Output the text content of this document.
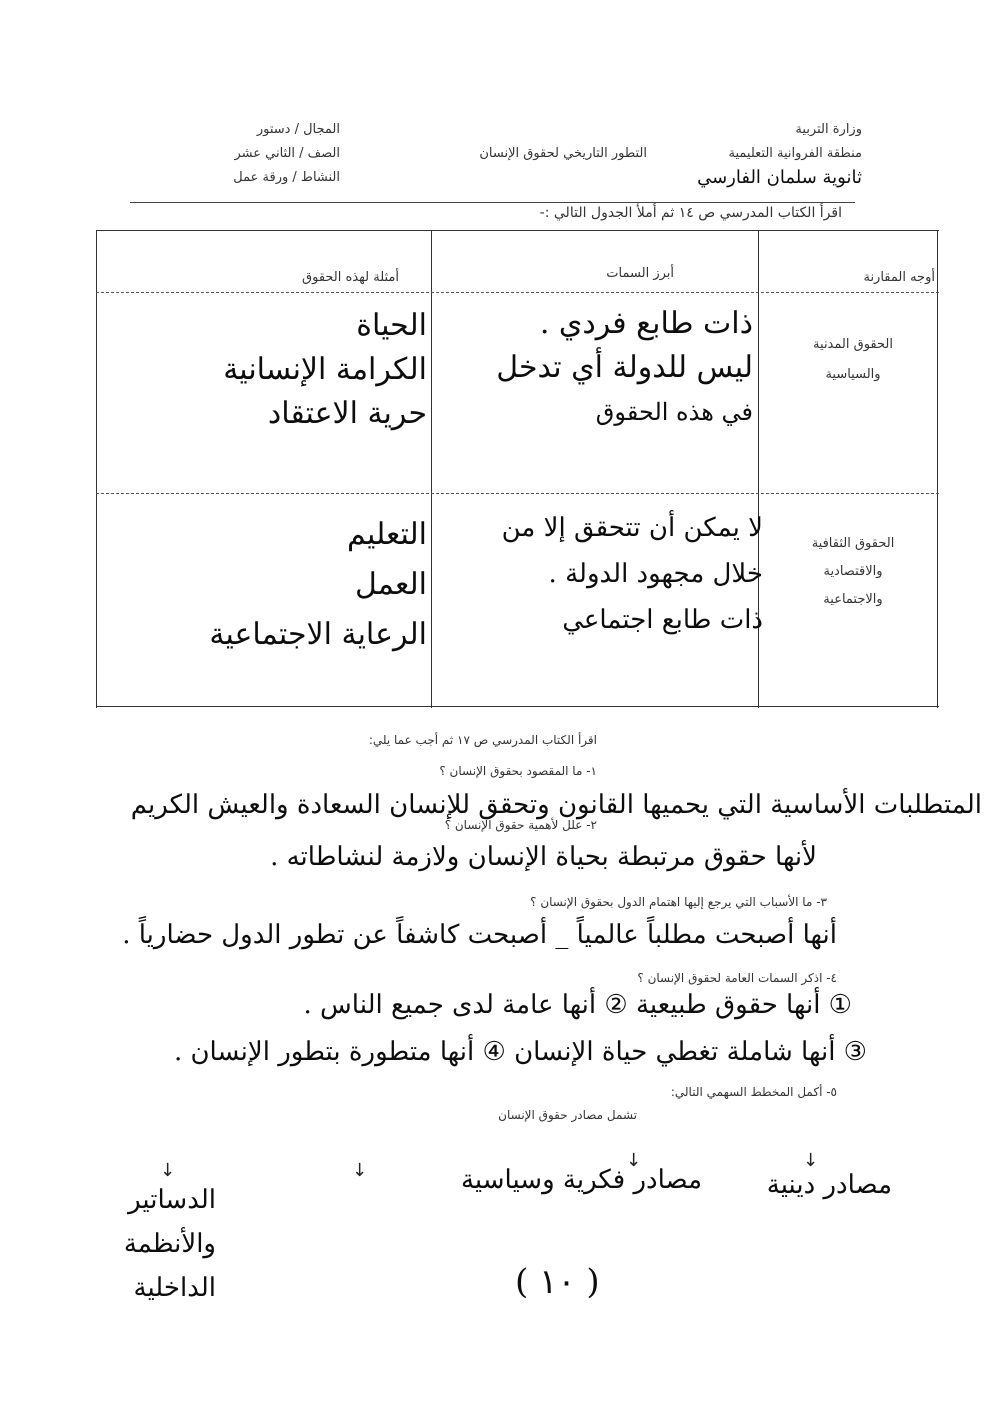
وزارة التربية
منطقة الفروانية التعليمية
ثانوية سلمان الفارسي
التطور التاريخي لحقوق الإنسان
المجال / دستور
الصف / الثاني عشر
النشاط / ورقة عمل
اقرأ الكتاب المدرسي ص ١٤ ثم أملأ الجدول التالي :-
أوجه المقارنة
أبرز السمات
أمثلة لهذه الحقوق
الحقوق المدنية
والسياسية
ذات طابع فردي .
ليس للدولة أي تدخل
في هذه الحقوق
الحياة
الكرامة الإنسانية
حرية الاعتقاد
الحقوق الثقافية
والاقتصادية
والاجتماعية
لا يمكن أن تتحقق إلا من
خلال مجهود الدولة .
ذات طابع اجتماعي
التعليم
العمل
الرعاية الاجتماعية
اقرأ الكتاب المدرسي ص ١٧ ثم أجب عما يلي:
١- ما المقصود بحقوق الإنسان ؟
المتطلبات الأساسية التي يحميها القانون وتحقق للإنسان السعادة والعيش الكريم
٢- علل لأهمية حقوق الإنسان ؟
لأنها حقوق مرتبطة بحياة الإنسان ولازمة لنشاطاته .
٣- ما الأسباب التي يرجع إليها اهتمام الدول بحقوق الإنسان ؟
أنها أصبحت مطلباً عالمياً _ أصبحت كاشفاً عن تطور الدول حضارياً .
٤- اذكر السمات العامة لحقوق الإنسان ؟
① أنها حقوق طبيعية ② أنها عامة لدى جميع الناس .
③ أنها شاملة تغطي حياة الإنسان ④ أنها متطورة بتطور الإنسان .
٥- أكمل المخطط السهمي التالي:
تشمل مصادر حقوق الإنسان
↓
↓
↓
↓	مصادر دينية
مصادر فكرية وسياسية
الدساتير
والأنظمة
الداخلية	( ١٠ )
